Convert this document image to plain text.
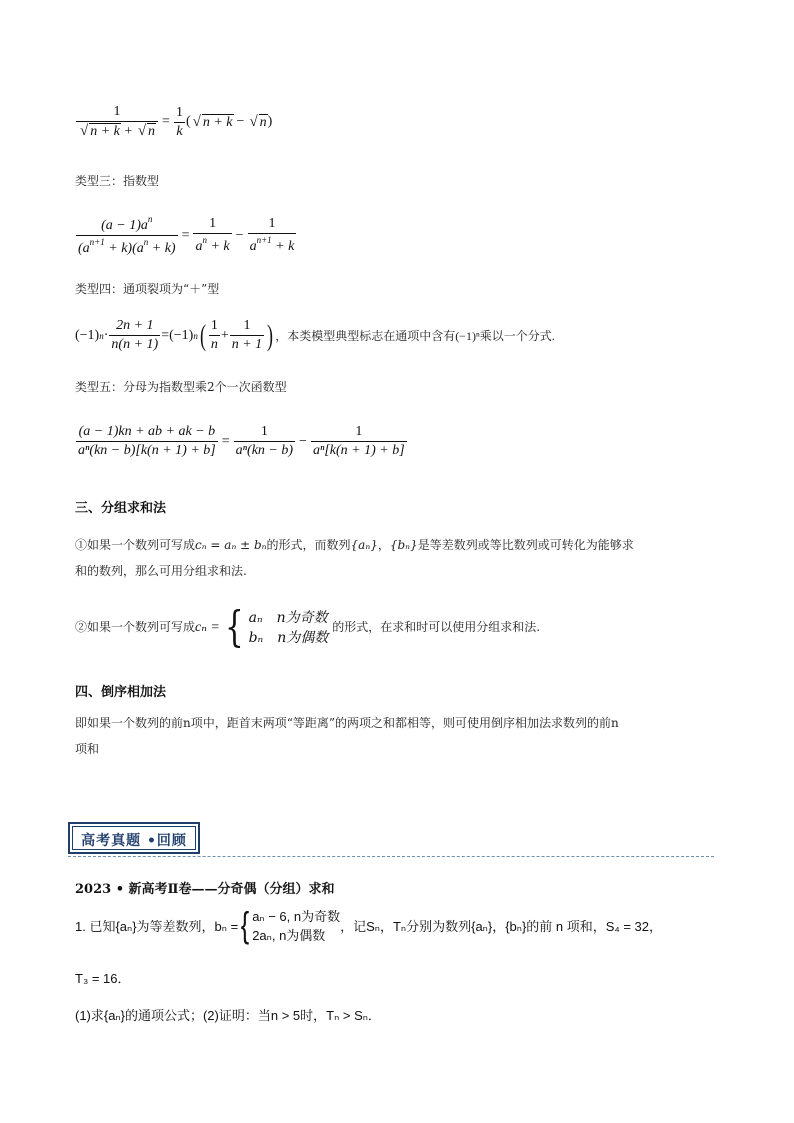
$\frac{1}{√ n + k + √ n} = \frac{1}{k}$ ( √ n + k − √ n )
类型三：指数型
$\frac{(a - 1)a^n}{(a^{n+1} + k)(a^n + k)} = \frac{1}{a^n + k} - \frac{1}{a^{n+1} + k}$
类型四：通项裂项为“＋”型
(−1) $n \cdot \frac{2n + 1}{n(n + 1)} = (-1)$ n ( $\frac{1}{n} + \frac{1}{n + 1}$ ) ，本类模型典型标志在通项中含有(−1)ⁿ乘以一个分式.
类型五：分母为指数型乘2个一次函数型
$\frac{(a - 1)kn + ab + ak - b}{\text{aⁿ(kn − b)[k(n + 1) + b]}} = \frac{1}{\text{aⁿ(kn − b)}} - \frac{1}{\text{aⁿ[k(n + 1) + b]}}$
三、分组求和法
①如果一个数列可写成cₙ = aₙ ± bₙ的形式，而数列{aₙ}，{bₙ}是等差数列或等比数列或可转化为能够求
和的数列，那么可用分组求和法.
②如果一个数列可写成 cₙ = { aₙ　n为奇数
bₙ　n为偶数
的形式，在求和时可以使用分组求和法.
四、倒序相加法
即如果一个数列的前n项中，距首末两项“等距离”的两项之和都相等，则可使用倒序相加法求数列的前n
项和
高考真题 •回顾
2023 • 新高考Ⅱ卷——分奇偶（分组）求和
1. 已知{aₙ}为等差数列，bₙ = { aₙ − 6, n为奇数
2aₙ, n为偶数
，记Sₙ，Tₙ分别为数列{aₙ}，{bₙ}的前 n 项和，S₄ = 32，
T₃ = 16．
(1)求{aₙ}的通项公式；(2)证明：当n > 5时，Tₙ > Sₙ．
